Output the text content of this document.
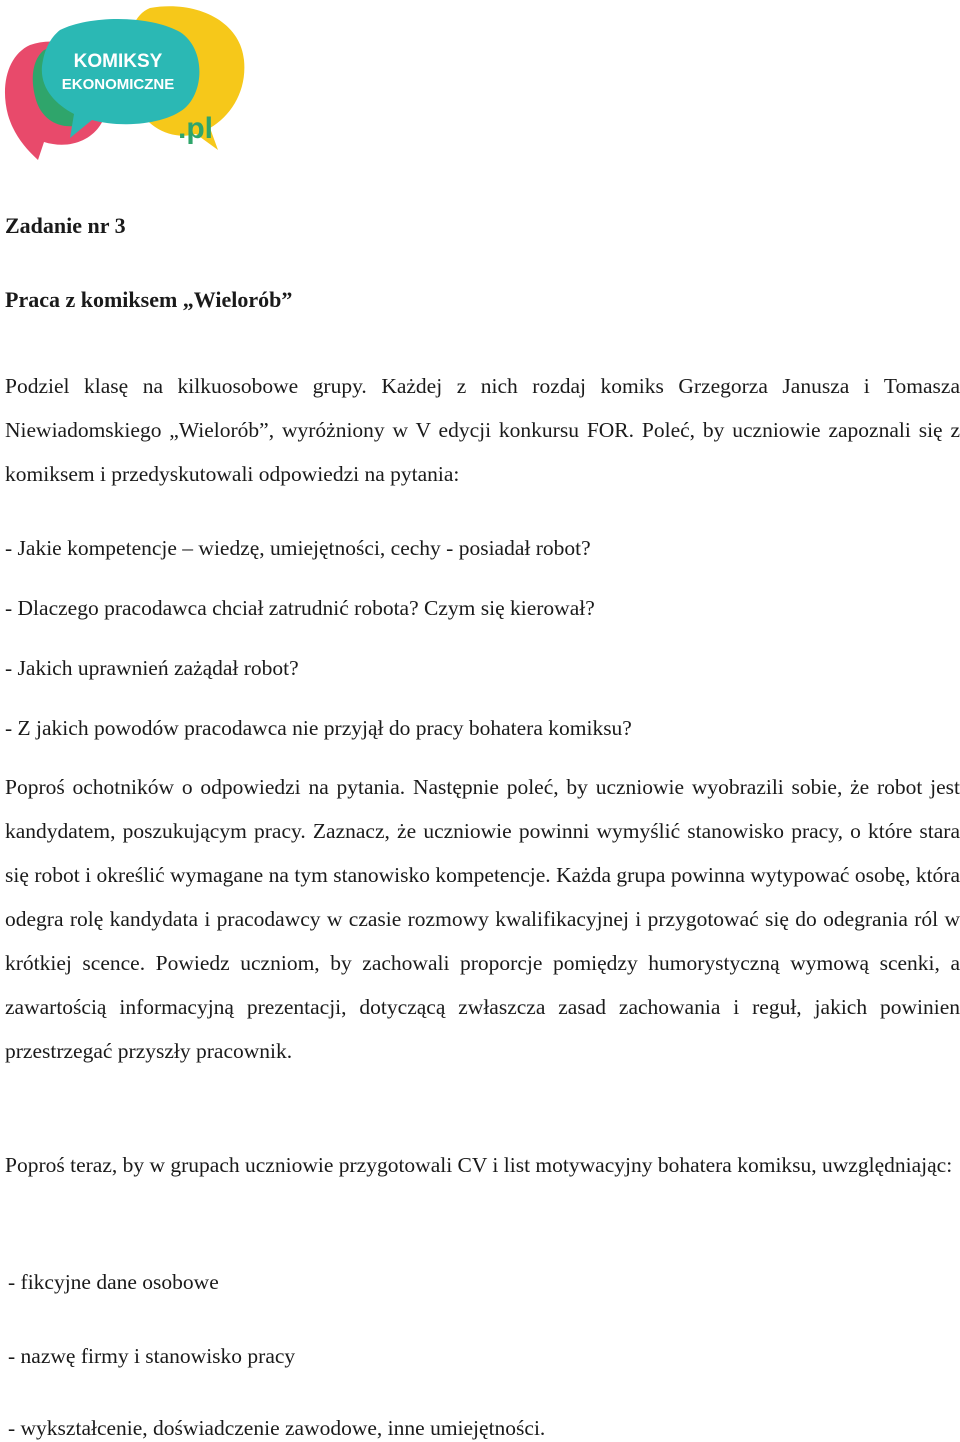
KOMIKSY
EKONOMICZNE
.pl
Zadanie nr 3
Praca z komiksem „Wielorób”

Podziel klasę na kilkuosobowe grupy. Każdej z nich rozdaj komiks Grzegorza Janusza i Tomasza Niewiadomskiego „Wielorób”, wyróżniony w V edycji konkursu FOR. Poleć, by uczniowie zapoznali się z komiksem i przedyskutowali odpowiedzi na pytania:

- Jakie kompetencje – wiedzę, umiejętności, cechy - posiadał robot?

- Dlaczego pracodawca chciał zatrudnić robota? Czym się kierował?

- Jakich uprawnień zażądał robot?

- Z jakich powodów pracodawca nie przyjął do pracy bohatera komiksu?

Poproś ochotników o odpowiedzi na pytania. Następnie poleć, by uczniowie wyobrazili sobie, że robot jest kandydatem, poszukującym pracy. Zaznacz, że uczniowie powinni wymyślić stanowisko pracy, o które stara się robot i określić wymagane na tym stanowisko kompetencje. Każda grupa powinna wytypować osobę, która odegra rolę kandydata i pracodawcy w czasie rozmowy kwalifikacyjnej i przygotować się do odegrania ról w krótkiej scence. Powiedz uczniom, by zachowali proporcje pomiędzy humorystyczną wymową scenki, a zawartością informacyjną prezentacji, dotyczącą zwłaszcza zasad zachowania i reguł, jakich powinien przestrzegać przyszły pracownik.

Poproś teraz, by w grupach uczniowie przygotowali CV i list motywacyjny bohatera komiksu, uwzględniając:

- fikcyjne dane osobowe

- nazwę firmy i stanowisko pracy

- wykształcenie, doświadczenie zawodowe, inne umiejętności.
